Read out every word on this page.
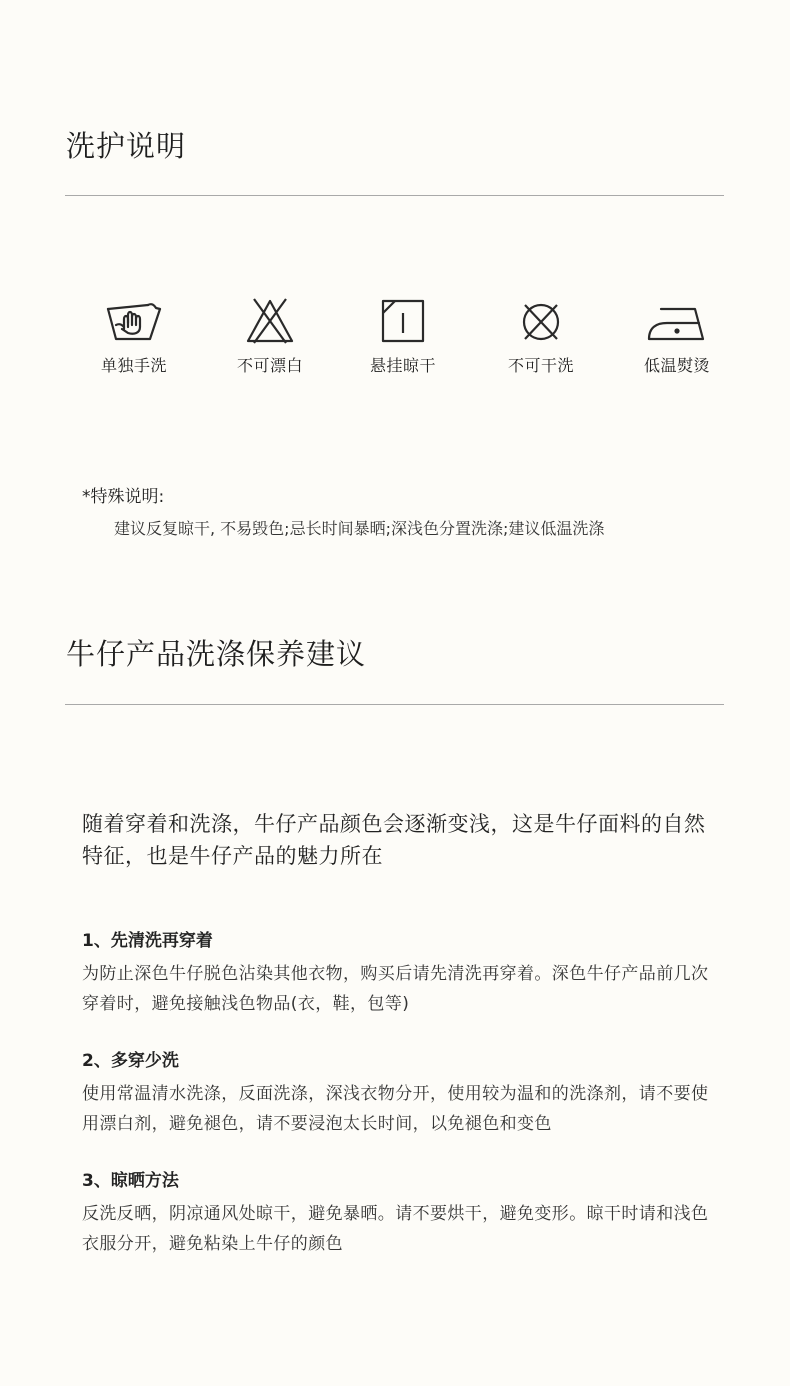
洗护说明
单独手洗	不可漂白	悬挂晾干	不可干洗	低温熨烫
*特殊说明:
建议反复晾干, 不易毁色;忌长时间暴晒;深浅色分置洗涤;建议低温洗涤
牛仔产品洗涤保养建议
随着穿着和洗涤，牛仔产品颜色会逐渐变浅，这是牛仔面料的自然特征，也是牛仔产品的魅力所在
1、先清洗再穿着
为防止深色牛仔脱色沾染其他衣物，购买后请先清洗再穿着。深色牛仔产品前几次穿着时，避免接触浅色物品(衣，鞋，包等)
2、多穿少洗
使用常温清水洗涤，反面洗涤，深浅衣物分开，使用较为温和的洗涤剂，请不要使用漂白剂，避免褪色，请不要浸泡太长时间，以免褪色和变色
3、晾晒方法
反洗反晒，阴凉通风处晾干，避免暴晒。请不要烘干，避免变形。晾干时请和浅色衣服分开，避免粘染上牛仔的颜色
